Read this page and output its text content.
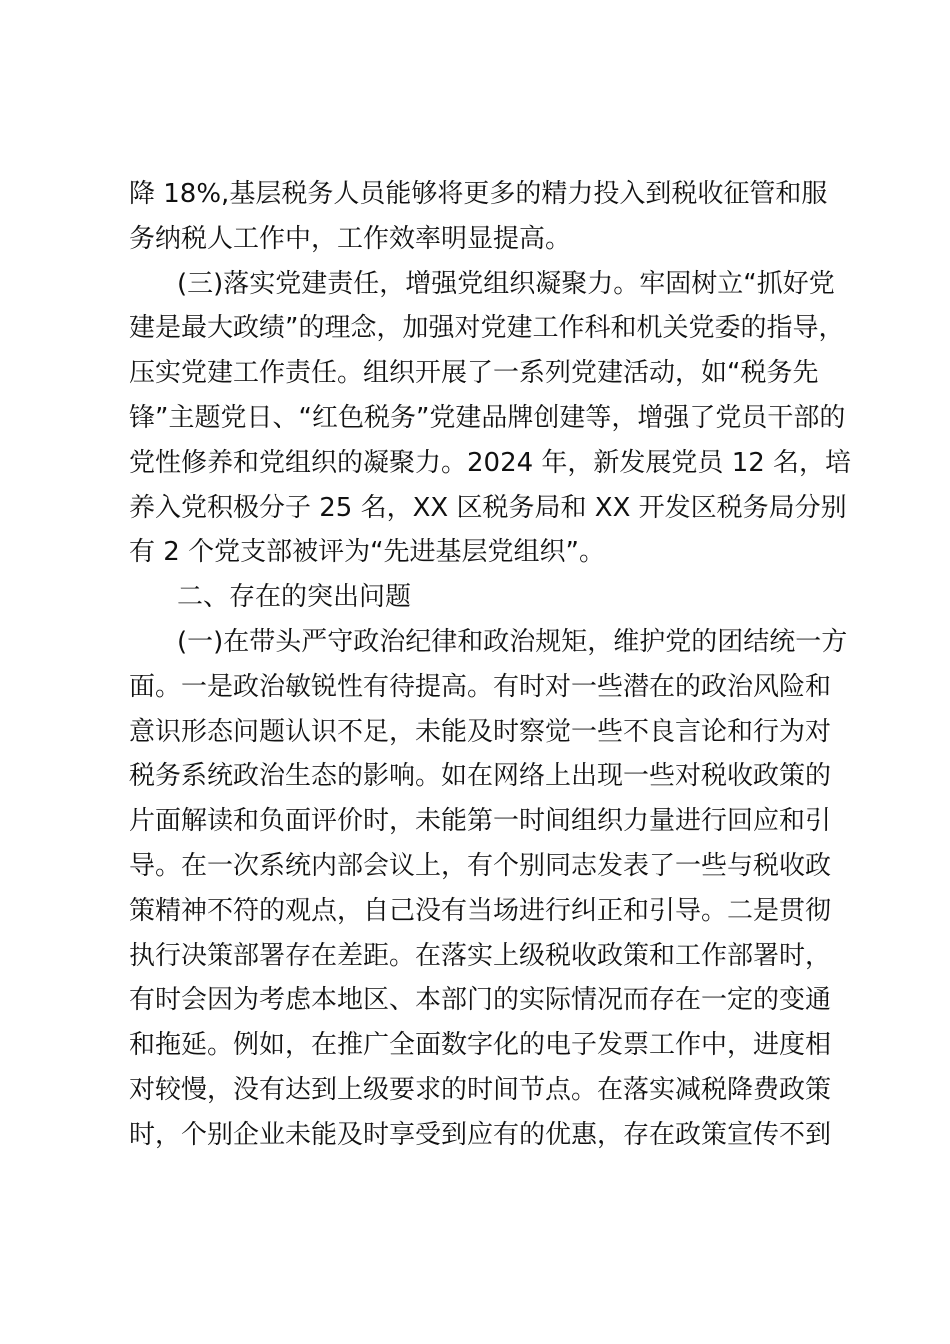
降 18%,基层税务人员能够将更多的精力投入到税收征管和服
务纳税人工作中，工作效率明显提高。
(三)落实党建责任，增强党组织凝聚力。牢固树立“抓好党
建是最大政绩”的理念，加强对党建工作科和机关党委的指导，
压实党建工作责任。组织开展了一系列党建活动，如“税务先
锋”主题党日、“红色税务”党建品牌创建等，增强了党员干部的
党性修养和党组织的凝聚力。2024 年，新发展党员 12 名，培
养入党积极分子 25 名，XX 区税务局和 XX 开发区税务局分别
有 2 个党支部被评为“先进基层党组织”。
二、存在的突出问题
(一)在带头严守政治纪律和政治规矩，维护党的团结统一方
面。一是政治敏锐性有待提高。有时对一些潜在的政治风险和
意识形态问题认识不足，未能及时察觉一些不良言论和行为对
税务系统政治生态的影响。如在网络上出现一些对税收政策的
片面解读和负面评价时，未能第一时间组织力量进行回应和引
导。在一次系统内部会议上，有个别同志发表了一些与税收政
策精神不符的观点，自己没有当场进行纠正和引导。二是贯彻
执行决策部署存在差距。在落实上级税收政策和工作部署时，
有时会因为考虑本地区、本部门的实际情况而存在一定的变通
和拖延。例如，在推广全面数字化的电子发票工作中，进度相
对较慢，没有达到上级要求的时间节点。在落实减税降费政策
时，个别企业未能及时享受到应有的优惠，存在政策宣传不到
